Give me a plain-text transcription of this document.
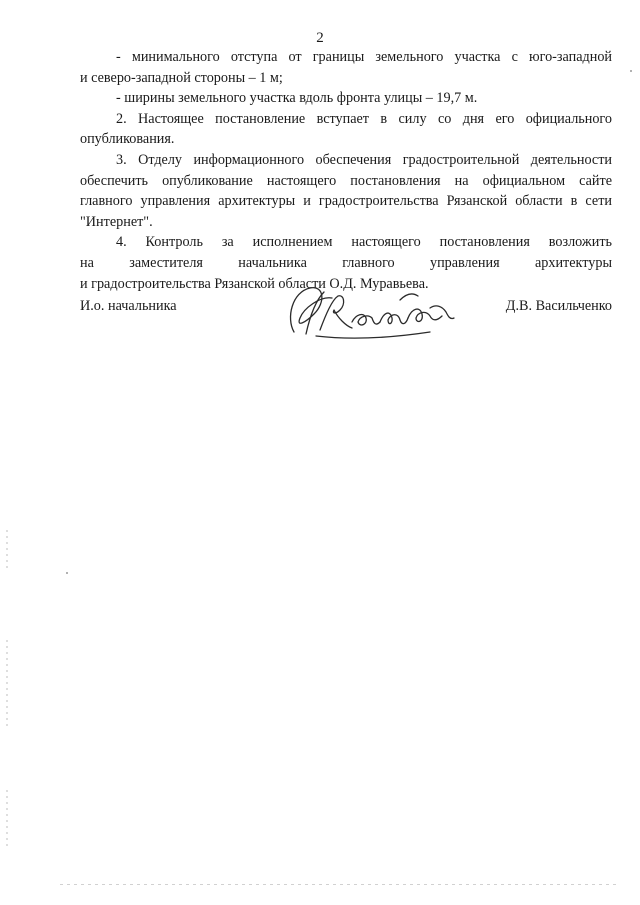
2
- минимального отступа от границы земельного участка с юго-западной
и северо-западной стороны – 1 м;
- ширины земельного участка вдоль фронта улицы – 19,7 м.
2. Настоящее постановление вступает в силу со дня его официального
опубликования.
3. Отделу информационного обеспечения градостроительной деятельности
обеспечить опубликование настоящего постановления на официальном сайте
главного управления архитектуры и градостроительства Рязанской области в сети
"Интернет".
4. Контроль за исполнением настоящего постановления возложить
на заместителя начальника главного управления архитектуры
и градостроительства Рязанской области О.Д. Муравьева.
И.о. начальника	Д.В. Васильченко
